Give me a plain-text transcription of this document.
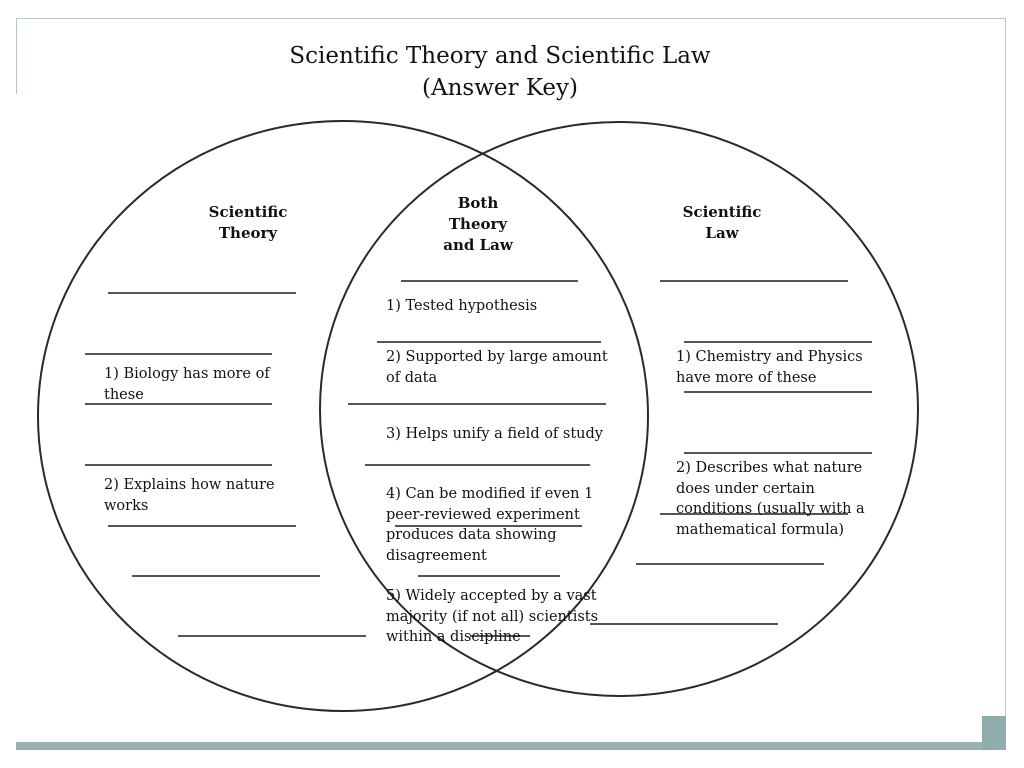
Scientific Theory and Scientific Law
(Answer Key)
Scientific
Theory
1) Biology has more of these
2) Explains how nature works
Both
Theory
and Law
1) Tested hypothesis
2) Supported by large amount of data
3) Helps unify a field of study
4) Can be modified if even 1 peer-reviewed experiment produces data showing disagreement
5) Widely accepted by a vast majority (if not all) scientists within a discipline
Scientific
Law
1) Chemistry and Physics have more of these
2) Describes what nature does under certain conditions (usually with a mathematical formula)
